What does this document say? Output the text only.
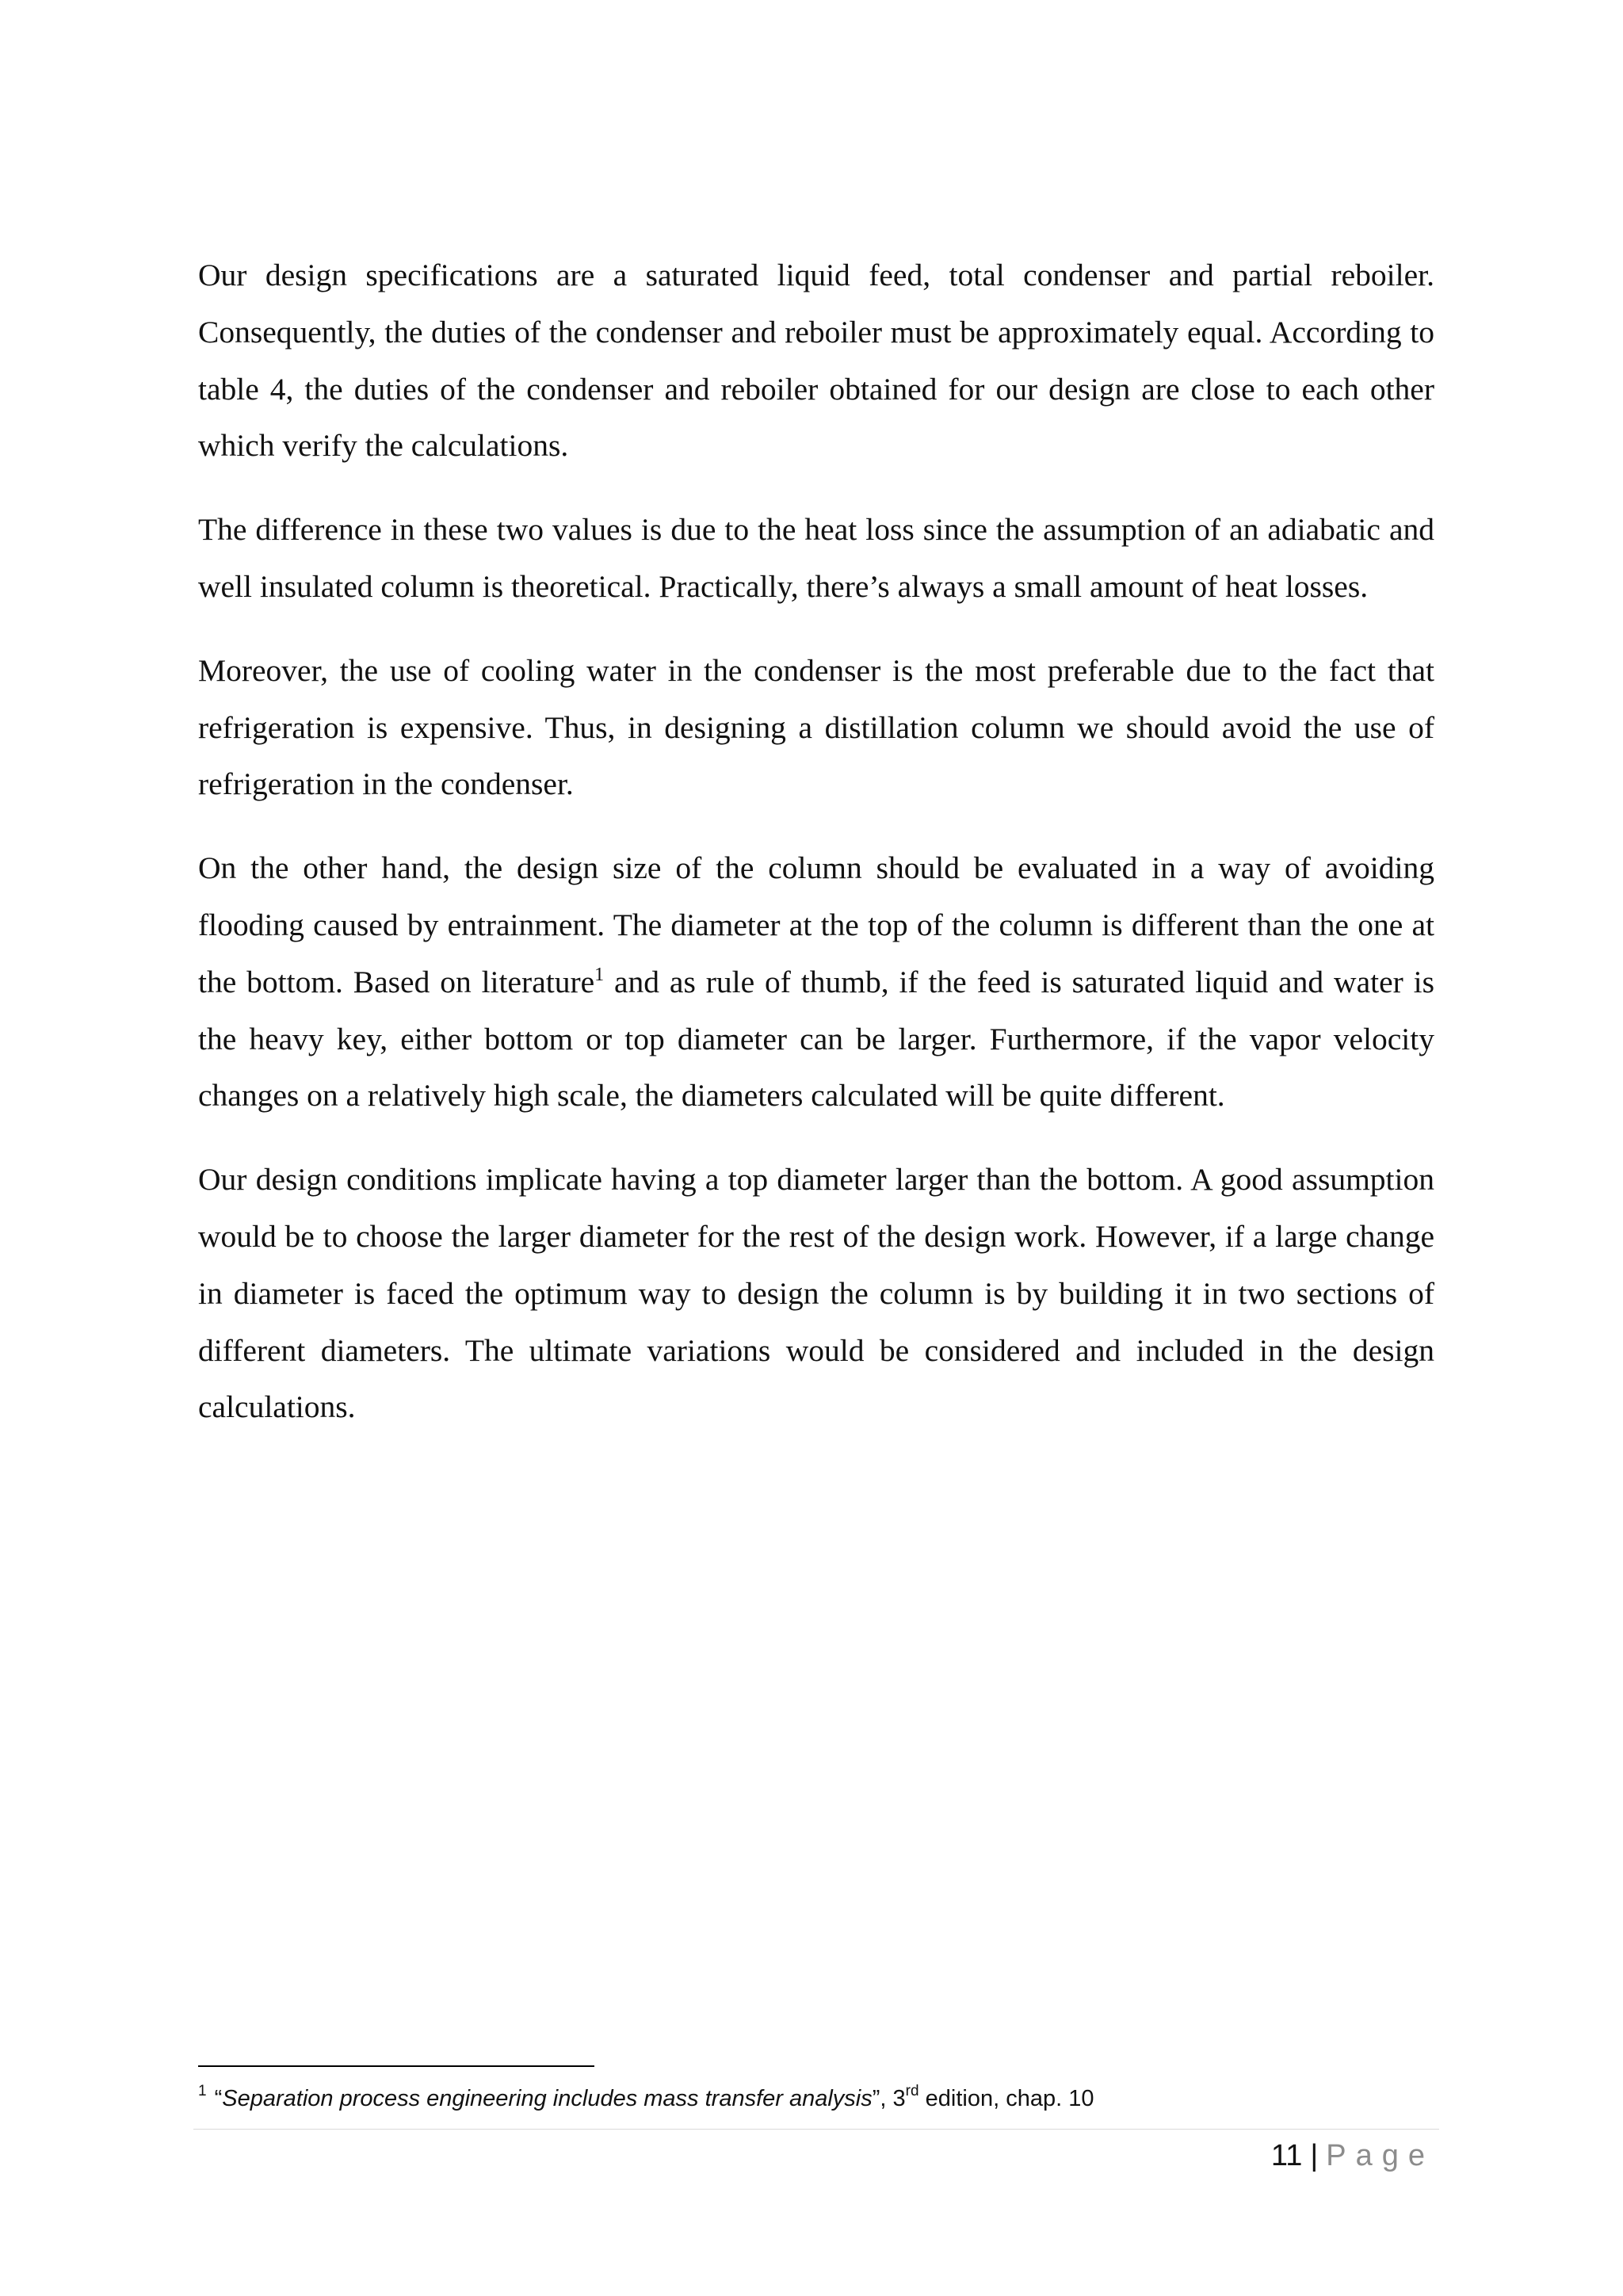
Our design specifications are a saturated liquid feed, total condenser and partial reboiler. Consequently, the duties of the condenser and reboiler must be approximately equal. According to table 4, the duties of the condenser and reboiler obtained for our design are close to each other which verify the calculations.

The difference in these two values is due to the heat loss since the assumption of an adiabatic and well insulated column is theoretical. Practically, there’s always a small amount of heat losses.

Moreover, the use of cooling water in the condenser is the most preferable due to the fact that refrigeration is expensive. Thus, in designing a distillation column we should avoid the use of refrigeration in the condenser.

On the other hand, the design size of the column should be evaluated in a way of avoiding flooding caused by entrainment. The diameter at the top of the column is different than the one at the bottom. Based on literature$^1$ and as rule of thumb, if the feed is saturated liquid and water is the heavy key, either bottom or top diameter can be larger. Furthermore, if the vapor velocity changes on a relatively high scale, the diameters calculated will be quite different.

Our design conditions implicate having a top diameter larger than the bottom. A good assumption would be to choose the larger diameter for the rest of the design work. However, if a large change in diameter is faced the optimum way to design the column is by building it in two sections of different diameters. The ultimate variations would be considered and included in the design calculations.

$^1$ “Separation process engineering includes mass transfer analysis”, 3rd edition, chap. 10
11 | Page
